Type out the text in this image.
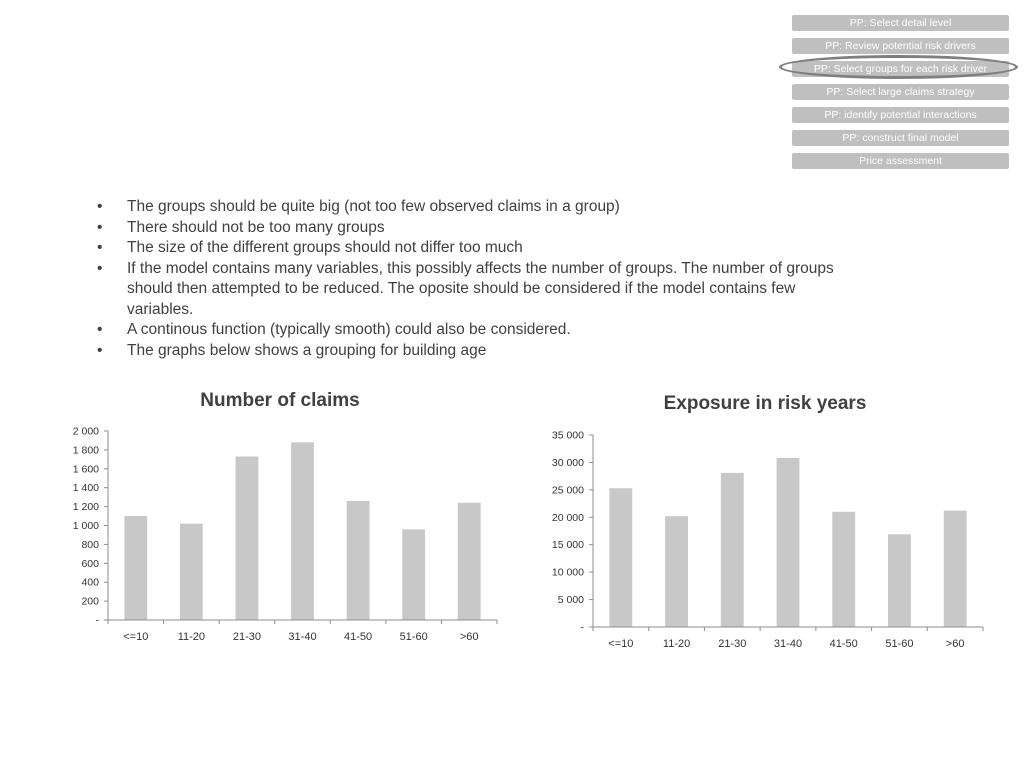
PP: Select detail level
PP: Review potential risk drivers
PP: Select groups for each risk driver
PP: Select large claims strategy
PP: identify potential interactions
PP: construct final model
Price assessment
• The groups should be quite big (not too few observed claims in a group)
• There should not be too many groups
• The size of the different groups should not differ too much
• If the model contains many variables, this possibly affects the number of groups. The number of groups should then attempted to be reduced. The oposite should be considered if the model contains few variables.
• A continous function (typically smooth) could also be considered.
• The graphs below shows a grouping for building age
Number of claims
-
200
400
600
800
1 000
1 200
1 400
1 600
1 800
2 000
<=10	11-20	21-30 31-40 41-50 51-60	>60
Exposure in risk years
-
5 000
10 000
15 000
20 000
25 000
30 000
35 000
<=10	11-20	21-30	31-40	41-50	51-60	>60
